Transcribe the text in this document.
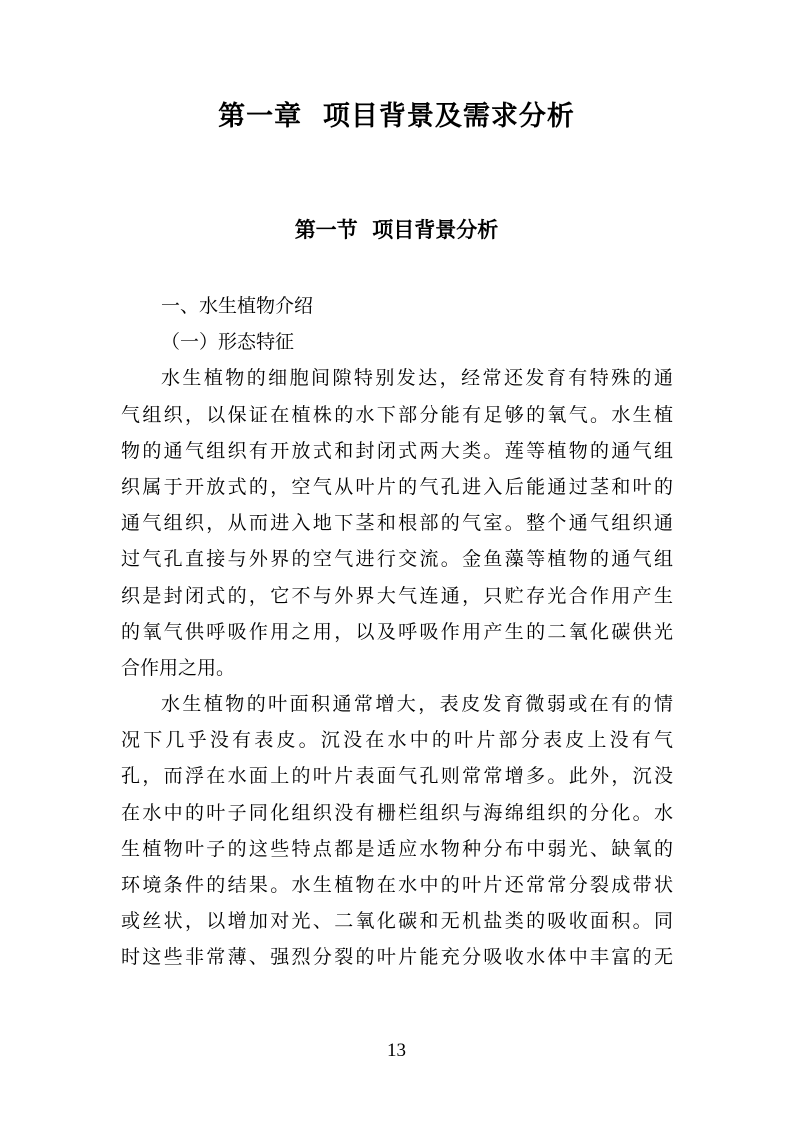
第一章  项目背景及需求分析
第一节  项目背景分析
一、水生植物介绍
（一）形态特征
水生植物的细胞间隙特别发达，经常还发育有特殊的通
气组织，以保证在植株的水下部分能有足够的氧气。水生植
物的通气组织有开放式和封闭式两大类。莲等植物的通气组
织属于开放式的，空气从叶片的气孔进入后能通过茎和叶的
通气组织，从而进入地下茎和根部的气室。整个通气组织通
过气孔直接与外界的空气进行交流。金鱼藻等植物的通气组
织是封闭式的，它不与外界大气连通，只贮存光合作用产生
的氧气供呼吸作用之用，以及呼吸作用产生的二氧化碳供光
合作用之用。
水生植物的叶面积通常增大，表皮发育微弱或在有的情
况下几乎没有表皮。沉没在水中的叶片部分表皮上没有气
孔，而浮在水面上的叶片表面气孔则常常增多。此外，沉没
在水中的叶子同化组织没有栅栏组织与海绵组织的分化。水
生植物叶子的这些特点都是适应水物种分布中弱光、缺氧的
环境条件的结果。水生植物在水中的叶片还常常分裂成带状
或丝状，以增加对光、二氧化碳和无机盐类的吸收面积。同
时这些非常薄、强烈分裂的叶片能充分吸收水体中丰富的无
13
